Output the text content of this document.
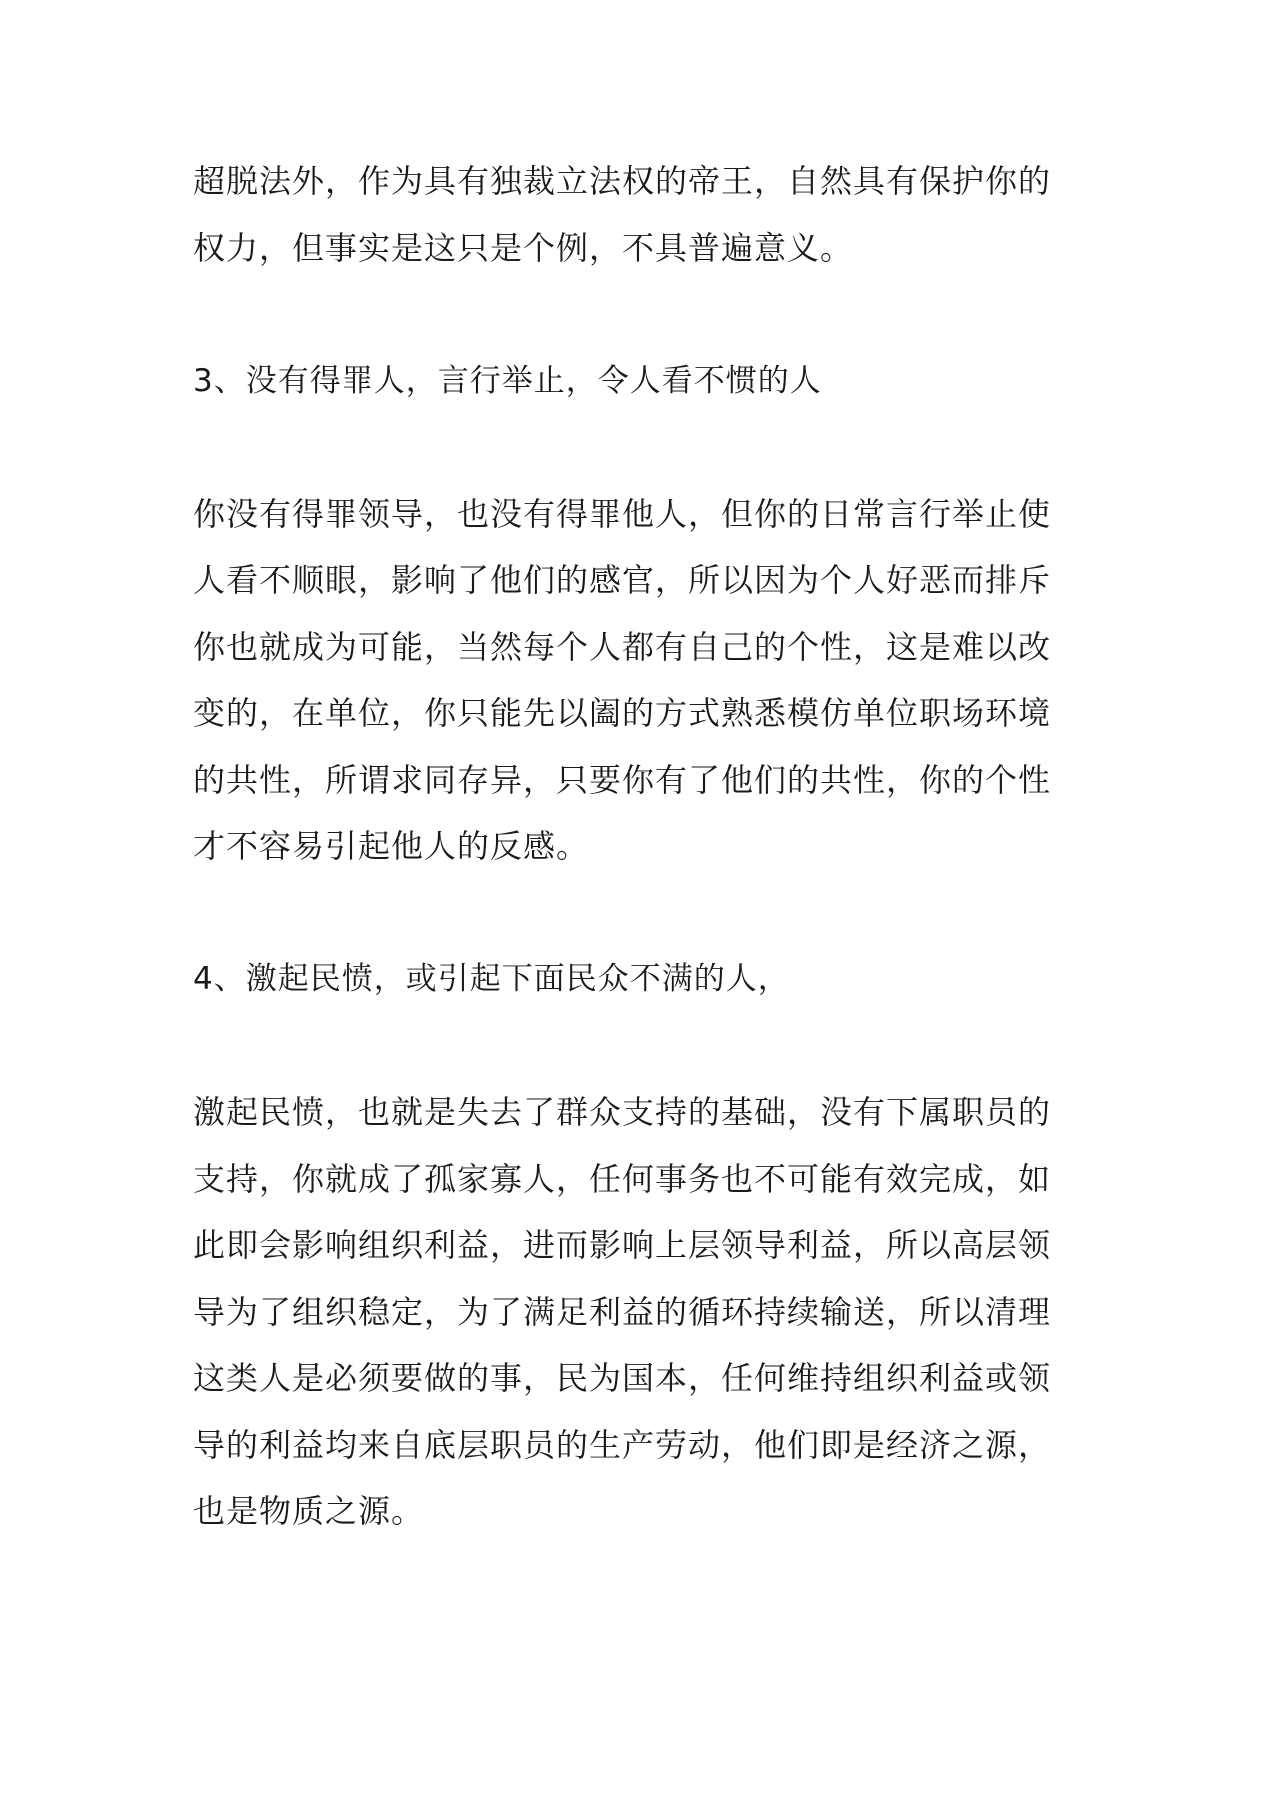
超脱法外，作为具有独裁立法权的帝王，自然具有保护你的
权力，但事实是这只是个例，不具普遍意义。

3、没有得罪人，言行举止，令人看不惯的人

你没有得罪领导，也没有得罪他人，但你的日常言行举止使
人看不顺眼，影响了他们的感官，所以因为个人好恶而排斥
你也就成为可能，当然每个人都有自己的个性，这是难以改
变的，在单位，你只能先以阖的方式熟悉模仿单位职场环境
的共性，所谓求同存异，只要你有了他们的共性，你的个性
才不容易引起他人的反感。

4、激起民愤，或引起下面民众不满的人，

激起民愤，也就是失去了群众支持的基础，没有下属职员的
支持，你就成了孤家寡人，任何事务也不可能有效完成，如
此即会影响组织利益，进而影响上层领导利益，所以高层领
导为了组织稳定，为了满足利益的循环持续输送，所以清理
这类人是必须要做的事，民为国本，任何维持组织利益或领
导的利益均来自底层职员的生产劳动，他们即是经济之源，
也是物质之源。
